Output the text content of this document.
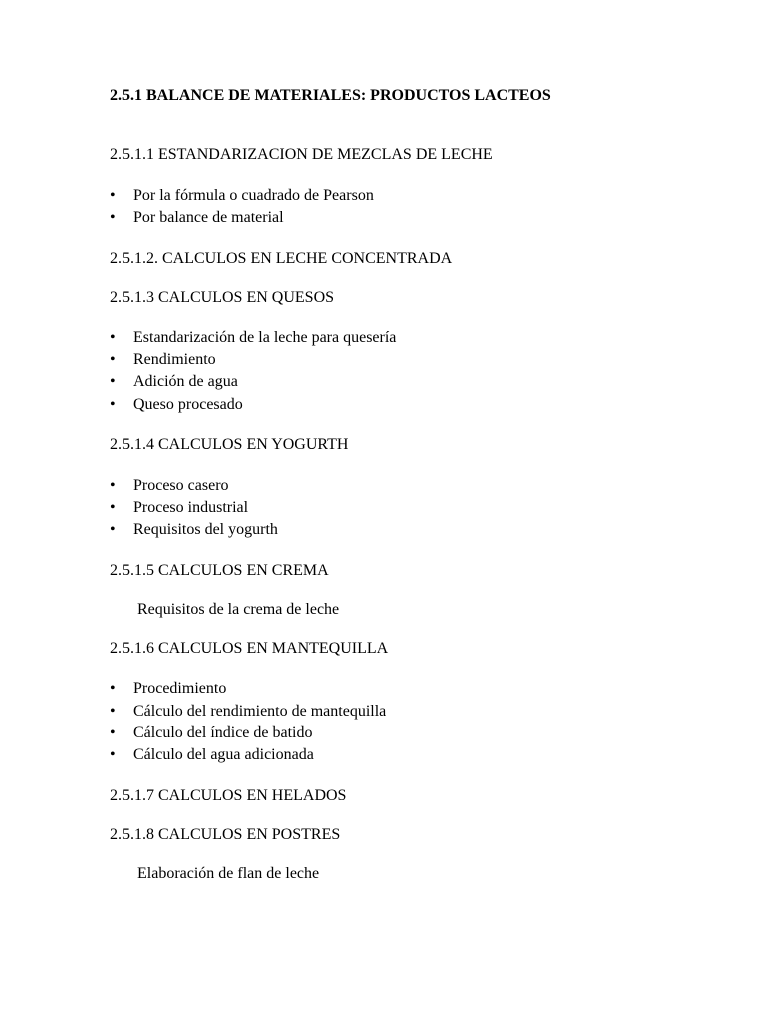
2.5.1 BALANCE DE MATERIALES: PRODUCTOS LACTEOS
2.5.1.1 ESTANDARIZACION DE MEZCLAS DE LECHE
•	Por la fórmula o cuadrado de Pearson
•	Por balance de material
2.5.1.2. CALCULOS EN LECHE CONCENTRADA
2.5.1.3 CALCULOS EN QUESOS
•	Estandarización de la leche para quesería
•	Rendimiento
•	Adición de agua
•	Queso procesado
2.5.1.4 CALCULOS EN YOGURTH
•	Proceso casero
•	Proceso industrial
•	Requisitos del yogurth
2.5.1.5 CALCULOS EN CREMA
Requisitos de la crema de leche
2.5.1.6 CALCULOS EN MANTEQUILLA
•	Procedimiento
•	Cálculo del rendimiento de mantequilla
•	Cálculo del índice de batido
•	Cálculo del agua adicionada
2.5.1.7 CALCULOS EN HELADOS
2.5.1.8 CALCULOS EN POSTRES
Elaboración de flan de leche
